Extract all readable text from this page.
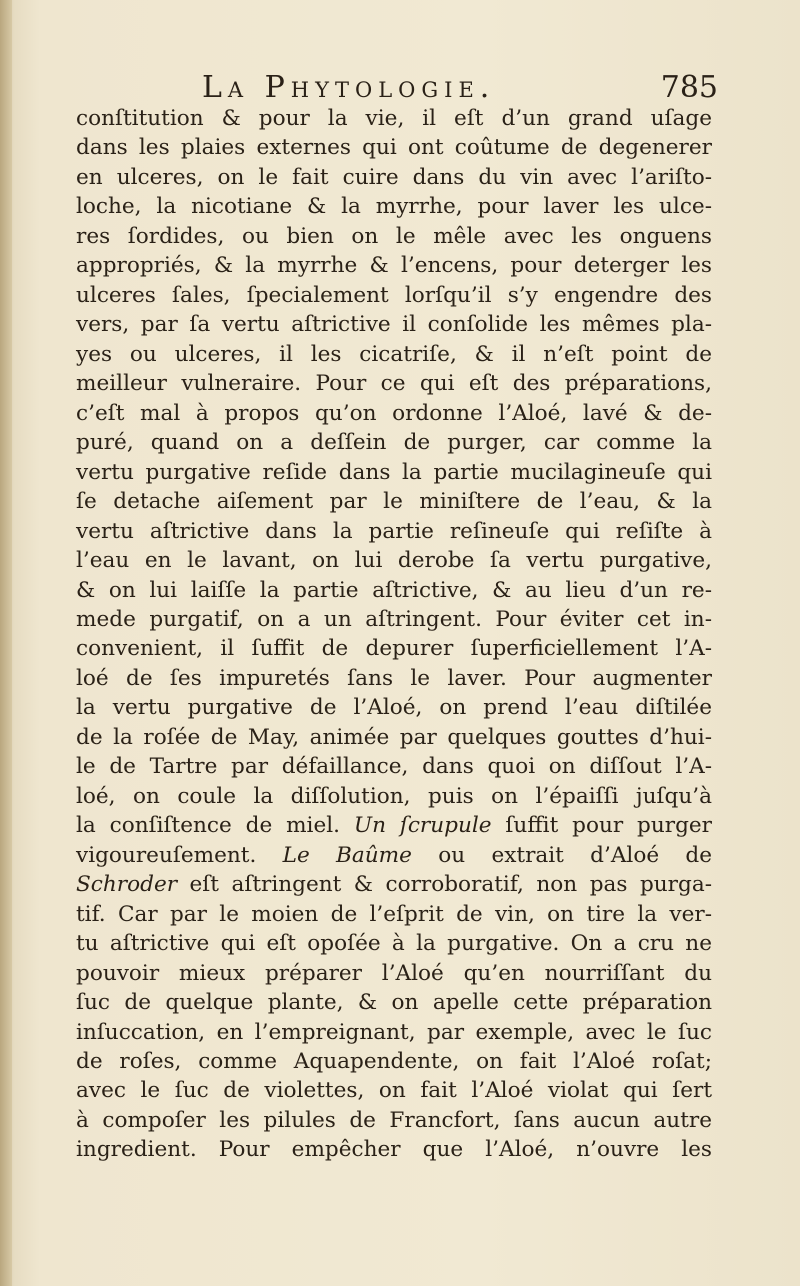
La Phytologie.	785
conſtitution & pour la vie, il eſt d’un grand uſage
dans les plaies externes qui ont coûtume de degenerer
en ulceres, on le fait cuire dans du vin avec l’ariſto-
loche, la nicotiane & la myrrhe, pour laver les ulce-
res ſordides, ou bien on le mêle avec les onguens
appropriés, & la myrrhe & l’encens, pour deterger les
ulceres ſales, ſpecialement lorſqu’il s’y engendre des
vers, par ſa vertu aſtrictive il conſolide les mêmes pla-
yes ou ulceres, il les cicatriſe, & il n’eſt point de
meilleur vulneraire. Pour ce qui eſt des préparations,
c’eſt mal à propos qu’on ordonne l’Aloé, lavé & de-
puré, quand on a deſſein de purger, car comme la
vertu purgative reſide dans la partie mucilagineuſe qui
ſe detache aiſement par le miniſtere de l’eau, & la
vertu aſtrictive dans la partie reſineuſe qui reſiſte à
l’eau en le lavant, on lui derobe ſa vertu purgative,
& on lui laiſſe la partie aſtrictive, & au lieu d’un re-
mede purgatif, on a un aſtringent. Pour éviter cet in-
convenient, il ſuffit de depurer ſuperficiellement l’A-
loé de ſes impuretés ſans le laver. Pour augmenter
la vertu purgative de l’Aloé, on prend l’eau diſtilée
de la roſée de May, animée par quelques gouttes d’hui-
le de Tartre par défaillance, dans quoi on diſſout l’A-
loé, on coule la diſſolution, puis on l’épaiſſi juſqu’à
la conſiſtence de miel. Un ſcrupule ſuffit pour purger
vigoureuſement. Le Baûme ou extrait d’Aloé de
Schroder eſt aſtringent & corroboratif, non pas purga-
tif. Car par le moien de l’eſprit de vin, on tire la ver-
tu aſtrictive qui eſt opoſée à la purgative. On a cru ne
pouvoir mieux préparer l’Aloé qu’en nourriſſant du
ſuc de quelque plante, & on apelle cette préparation
inſuccation, en l’empreignant, par exemple, avec le ſuc
de roſes, comme Aquapendente, on fait l’Aloé roſat;
avec le ſuc de violettes, on fait l’Aloé violat qui ſert
à compoſer les pilules de Francfort, ſans aucun autre
ingredient. Pour empêcher que l’Aloé, n’ouvre les
